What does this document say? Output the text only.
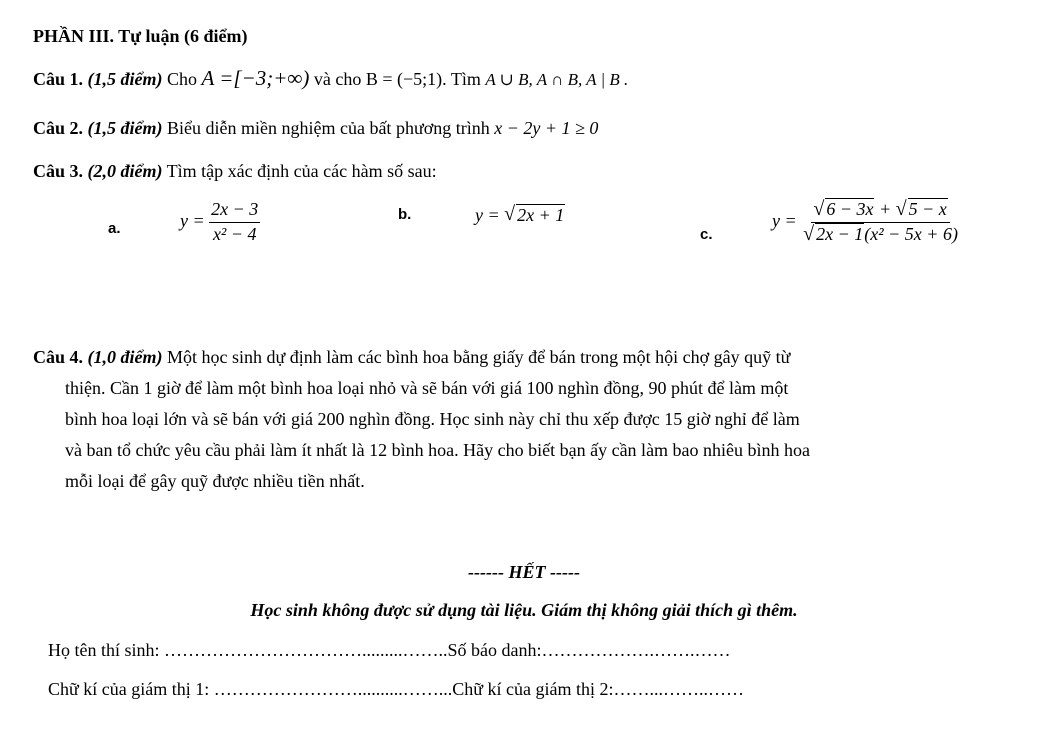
PHẦN III. Tự luận (6 điểm)
Câu 1. (1,5 điểm) Cho A =[−3;+∞) và cho B = (−5;1). Tìm A ∪ B, A ∩ B, A | B .
Câu 2. (1,5 điểm) Biểu diễn miền nghiệm của bất phương trình x − 2y + 1 ≥ 0
Câu 3. (2,0 điểm) Tìm tập xác định của các hàm số sau:
a.	$y = \frac{2x - 3}{\text{x² − 4}}$	b.	y = √ 2x + 1
c.
y = √ 6 − 3x + √ 5 − x
√ 2x − 1(x² − 5x + 6)
Câu 4. (1,0 điểm) Một học sinh dự định làm các bình hoa bằng giấy để bán trong một hội chợ gây quỹ từ
thiện. Cần 1 giờ để làm một bình hoa loại nhỏ và sẽ bán với giá 100 nghìn đồng, 90 phút để làm một
bình hoa loại lớn và sẽ bán với giá 200 nghìn đồng. Học sinh này chỉ thu xếp được 15 giờ nghỉ để làm
và ban tổ chức yêu cầu phải làm ít nhất là 12 bình hoa. Hãy cho biết bạn ấy cần làm bao nhiêu bình hoa
mỗi loại để gây quỹ được nhiều tiền nhất.
------ HẾT -----
Học sinh không được sử dụng tài liệu. Giám thị không giải thích gì thêm.
Họ tên thí sinh: …………………………….........……..Số báo danh:……………….…….……
Chữ kí của giám thị 1: ……………………..........……...Chữ kí của giám thị 2:……...……..……
